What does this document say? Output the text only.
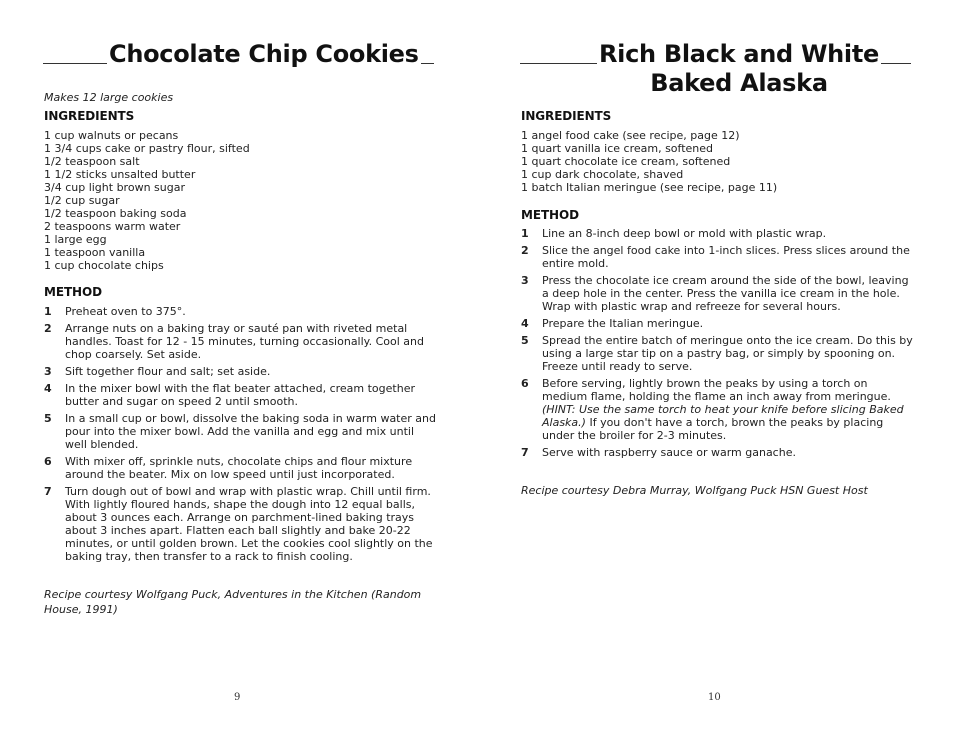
Chocolate Chip Cookies

Makes 12 large cookies

INGREDIENTS
1 cup walnuts or pecans
1 3/4 cups cake or pastry flour, sifted
1/2 teaspoon salt
1 1/2 sticks unsalted butter
3/4 cup light brown sugar
1/2 cup sugar
1/2 teaspoon baking soda
2 teaspoons warm water
1 large egg
1 teaspoon vanilla
1 cup chocolate chips
METHOD
1	Preheat oven to 375°.
2	Arrange nuts on a baking tray or sauté pan with riveted metal handles. Toast for 12 - 15 minutes, turning occasionally. Cool and chop coarsely. Set aside.
3	Sift together flour and salt; set aside.
4	In the mixer bowl with the flat beater attached, cream together butter and sugar on speed 2 until smooth.
5	In a small cup or bowl, dissolve the baking soda in warm water and pour into the mixer bowl. Add the vanilla and egg and mix until well blended.
6	With mixer off, sprinkle nuts, chocolate chips and flour mixture around the beater. Mix on low speed until just incorporated.
7	Turn dough out of bowl and wrap with plastic wrap. Chill until firm. With lightly floured hands, shape the dough into 12 equal balls, about 3 ounces each. Arrange on parchment-lined baking trays about 3 inches apart. Flatten each ball slightly and bake 20-22 minutes, or until golden brown. Let the cookies cool slightly on the baking tray, then transfer to a rack to finish cooling.

Recipe courtesy Wolfgang Puck, Adventures in the Kitchen (Random House, 1991)

9
Rich Black and White
Baked Alaska
INGREDIENTS
1 angel food cake (see recipe, page 12)
1 quart vanilla ice cream, softened
1 quart chocolate ice cream, softened
1 cup dark chocolate, shaved
1 batch Italian meringue (see recipe, page 11)
METHOD
1	Line an 8-inch deep bowl or mold with plastic wrap.
2	Slice the angel food cake into 1-inch slices. Press slices around the entire mold.
3	Press the chocolate ice cream around the side of the bowl, leaving a deep hole in the center. Press the vanilla ice cream in the hole. Wrap with plastic wrap and refreeze for several hours.
4	Prepare the Italian meringue.
5	Spread the entire batch of meringue onto the ice cream. Do this by using a large star tip on a pastry bag, or simply by spooning on. Freeze until ready to serve.
6	Before serving, lightly brown the peaks by using a torch on medium flame, holding the flame an inch away from meringue. (HINT: Use the same torch to heat your knife before slicing Baked Alaska.) If you don't have a torch, brown the peaks by placing under the broiler for 2-3 minutes.
7	Serve with raspberry sauce or warm ganache.

Recipe courtesy Debra Murray, Wolfgang Puck HSN Guest Host

10
